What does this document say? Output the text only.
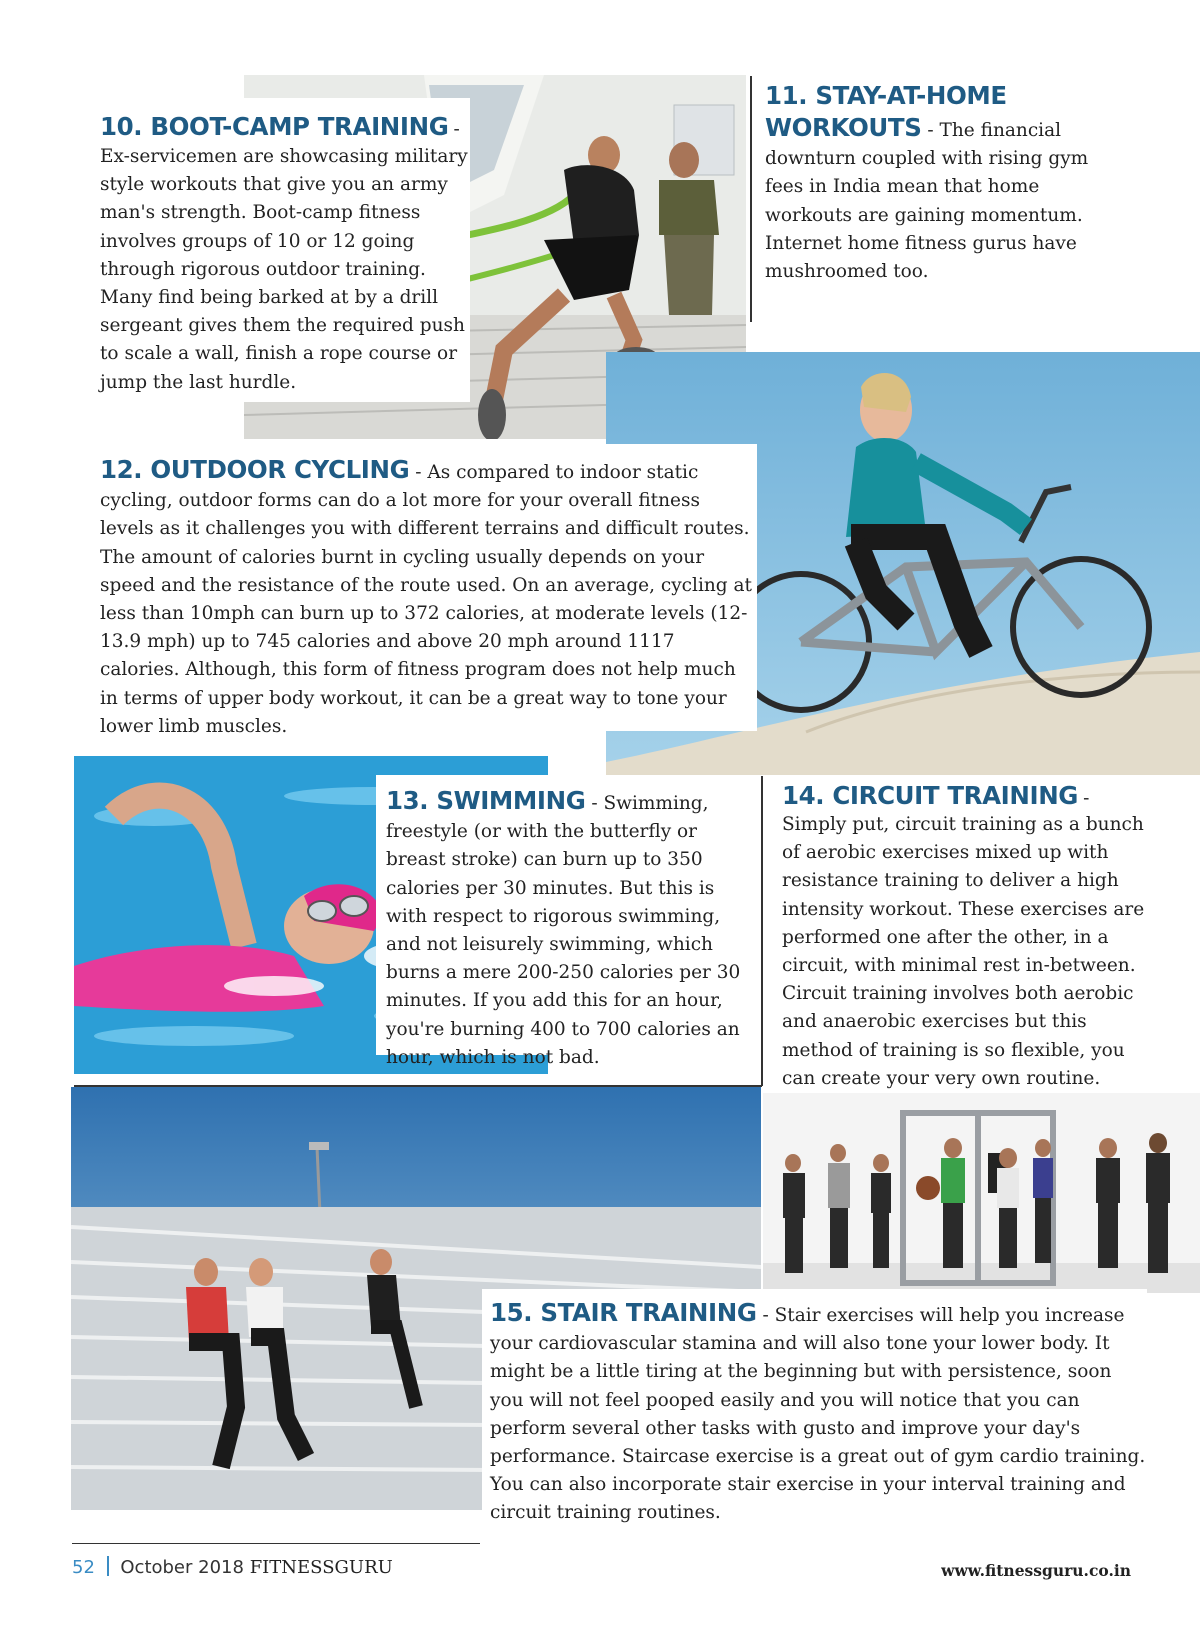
10. BOOT-CAMP TRAINING -
Ex-servicemen are showcasing military style workouts that give you an army man's strength. Boot-camp fitness involves groups of 10 or 12 going through rigorous outdoor training. Many find being barked at by a drill sergeant gives them the required push to scale a wall, finish a rope course or jump the last hurdle.
11. STAY-AT-HOME
WORKOUTS - The financial downturn coupled with rising gym fees in India mean that home workouts are gaining momentum. Internet home fitness gurus have mushroomed too.
12. OUTDOOR CYCLING - As compared to indoor static cycling, outdoor forms can do a lot more for your overall fitness levels as it challenges you with different terrains and difficult routes. The amount of calories burnt in cycling usually depends on your speed and the resistance of the route used. On an average, cycling at less than 10mph can burn up to 372 calories, at moderate levels (12-13.9 mph) up to 745 calories and above 20 mph around 1117 calories. Although, this form of fitness program does not help much in terms of upper body workout, it can be a great way to tone your lower limb muscles.
13. SWIMMING - Swimming, freestyle (or with the butterfly or breast stroke) can burn up to 350 calories per 30 minutes. But this is with respect to rigorous swimming, and not leisurely swimming, which burns a mere 200-250 calories per 30 minutes. If you add this for an hour, you're burning 400 to 700 calories an hour, which is not bad.
14. CIRCUIT TRAINING -
Simply put, circuit training as a bunch of aerobic exercises mixed up with resistance training to deliver a high intensity workout. These exercises are performed one after the other, in a circuit, with minimal rest in-between. Circuit training involves both aerobic and anaerobic exercises but this method of training is so flexible, you can create your very own routine.
15. STAIR TRAINING - Stair exercises will help you increase your cardiovascular stamina and will also tone your lower body. It might be a little tiring at the beginning but with persistence, soon you will not feel pooped easily and you will notice that you can perform several other tasks with gusto and improve your day's performance. Staircase exercise is a great out of gym cardio training. You can also incorporate stair exercise in your interval training and circuit training routines.
52 October 2018 FITNESSGURU	www.fitnessguru.co.in
